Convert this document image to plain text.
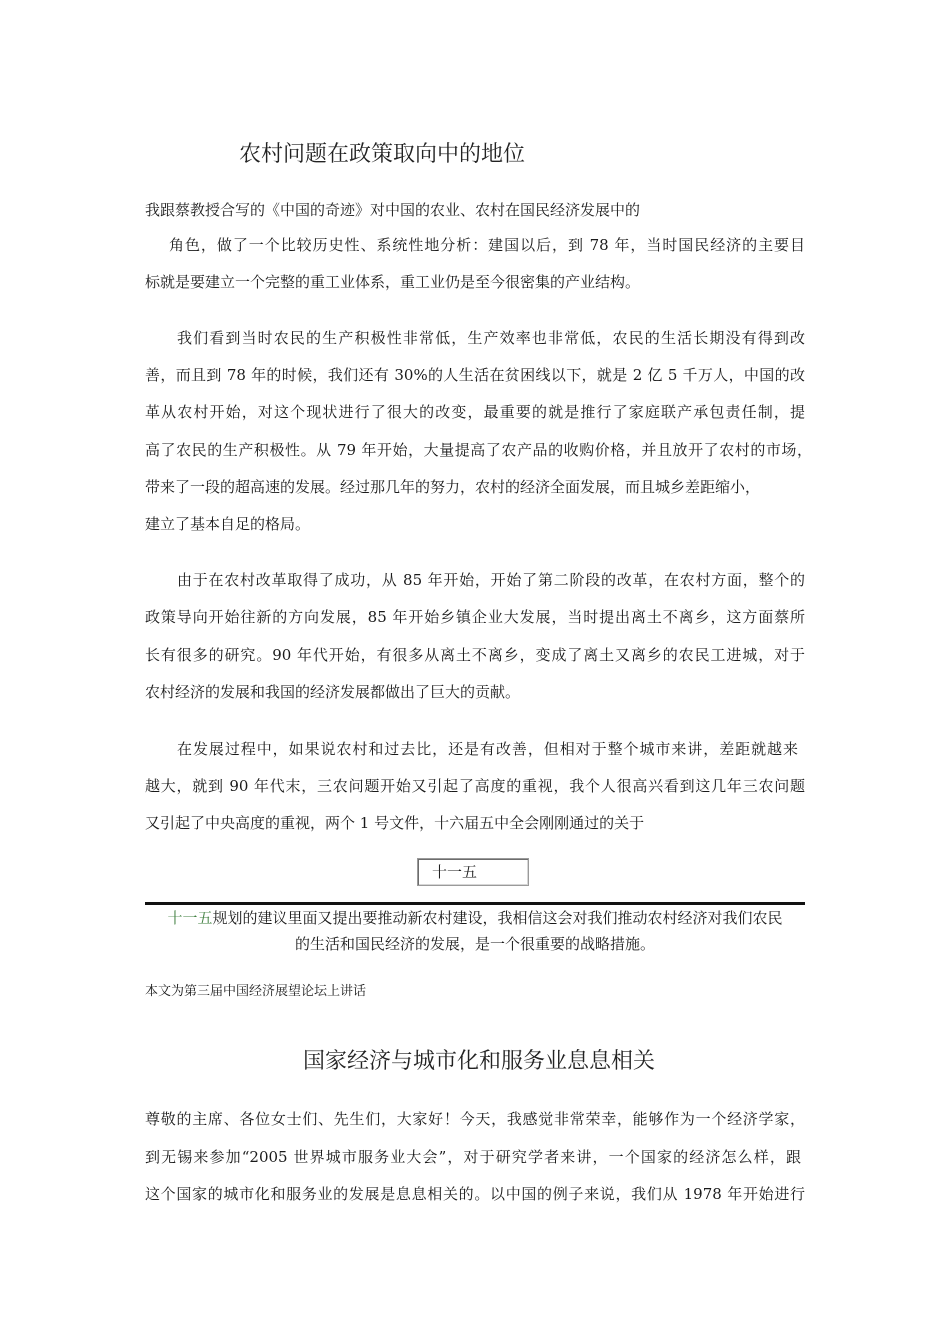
农村问题在政策取向中的地位
我跟蔡教授合写的《中国的奇迹》对中国的农业、农村在国民经济发展中的
角色，做了一个比较历史性、系统性地分析：建国以后，到 78 年，当时国民经济的主要目
标就是要建立一个完整的重工业体系，重工业仍是至今很密集的产业结构。
我们看到当时农民的生产积极性非常低，生产效率也非常低，农民的生活长期没有得到改
善，而且到 78 年的时候，我们还有 30%的人生活在贫困线以下，就是 2 亿 5 千万人，中国的改
革从农村开始，对这个现状进行了很大的改变，最重要的就是推行了家庭联产承包责任制，提
高了农民的生产积极性。从 79 年开始，大量提高了农产品的收购价格，并且放开了农村的市场，
带来了一段的超高速的发展。经过那几年的努力，农村的经济全面发展，而且城乡差距缩小，
建立了基本自足的格局。
由于在农村改革取得了成功，从 85 年开始，开始了第二阶段的改革，在农村方面，整个的
政策导向开始往新的方向发展，85 年开始乡镇企业大发展，当时提出离土不离乡，这方面蔡所
长有很多的研究。90 年代开始，有很多从离土不离乡，变成了离土又离乡的农民工进城，对于
农村经济的发展和我国的经济发展都做出了巨大的贡献。
在发展过程中，如果说农村和过去比，还是有改善，但相对于整个城市来讲，差距就越来
越大，就到 90 年代末，三农问题开始又引起了高度的重视，我个人很高兴看到这几年三农问题
又引起了中央高度的重视，两个 1 号文件，十六届五中全会刚刚通过的关于
十一五
十一五规划的建议里面又提出要推动新农村建设，我相信这会对我们推动农村经济对我们农民
的生活和国民经济的发展，是一个很重要的战略措施。
本文为第三届中国经济展望论坛上讲话
国家经济与城市化和服务业息息相关
尊敬的主席、各位女士们、先生们，大家好！今天，我感觉非常荣幸，能够作为一个经济学家，
到无锡来参加“2005 世界城市服务业大会”，对于研究学者来讲，一个国家的经济怎么样，跟
这个国家的城市化和服务业的发展是息息相关的。以中国的例子来说，我们从 1978 年开始进行
